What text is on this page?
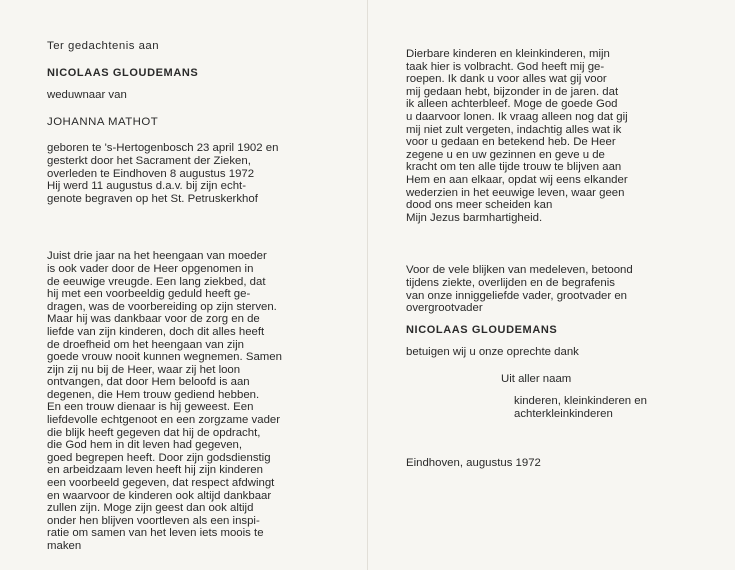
Ter gedachtenis aan
NICOLAAS GLOUDEMANS
weduwnaar van
JOHANNA MATHOT
geboren te 's-Hertogenbosch 23 april 1902 en
gesterkt door het Sacrament der Zieken,
overleden te Eindhoven 8 augustus 1972
Hij werd 11 augustus d.a.v. bij zijn echt-
genote begraven op het St. Petruskerkhof
Juist drie jaar na het heengaan van moeder
is ook vader door de Heer opgenomen in
de eeuwige vreugde. Een lang ziekbed, dat
hij met een voorbeeldig geduld heeft ge-
dragen, was de voorbereiding op zijn sterven.
Maar hij was dankbaar voor de zorg en de
liefde van zijn kinderen, doch dit alles heeft
de droefheid om het heengaan van zijn
goede vrouw nooit kunnen wegnemen. Samen
zijn zij nu bij de Heer, waar zij het loon
ontvangen, dat door Hem beloofd is aan
degenen, die Hem trouw gediend hebben.
En een trouw dienaar is hij geweest. Een
liefdevolle echtgenoot en een zorgzame vader
die blijk heeft gegeven dat hij de opdracht,
die God hem in dit leven had gegeven,
goed begrepen heeft. Door zijn godsdienstig
en arbeidzaam leven heeft hij zijn kinderen
een voorbeeld gegeven, dat respect afdwingt
en waarvoor de kinderen ook altijd dankbaar
zullen zijn. Moge zijn geest dan ook altijd
onder hen blijven voortleven als een inspi-
ratie om samen van het leven iets moois te
maken
Dierbare kinderen en kleinkinderen, mijn
taak hier is volbracht. God heeft mij ge-
roepen. Ik dank u voor alles wat gij voor
mij gedaan hebt, bijzonder in de jaren. dat
ik alleen achterbleef. Moge de goede God
u daarvoor lonen. Ik vraag alleen nog dat gij
mij niet zult vergeten, indachtig alles wat ik
voor u gedaan en betekend heb. De Heer
zegene u en uw gezinnen en geve u de
kracht om ten alle tijde trouw te blijven aan
Hem en aan elkaar, opdat wij eens elkander
wederzien in het eeuwige leven, waar geen
dood ons meer scheiden kan
Mijn Jezus barmhartigheid.
Voor de vele blijken van medeleven, betoond
tijdens ziekte, overlijden en de begrafenis
van onze inniggeliefde vader, grootvader en
overgrootvader
NICOLAAS GLOUDEMANS
betuigen wij u onze oprechte dank
Uit aller naam
kinderen, kleinkinderen en
achterkleinkinderen
Eindhoven, augustus 1972
